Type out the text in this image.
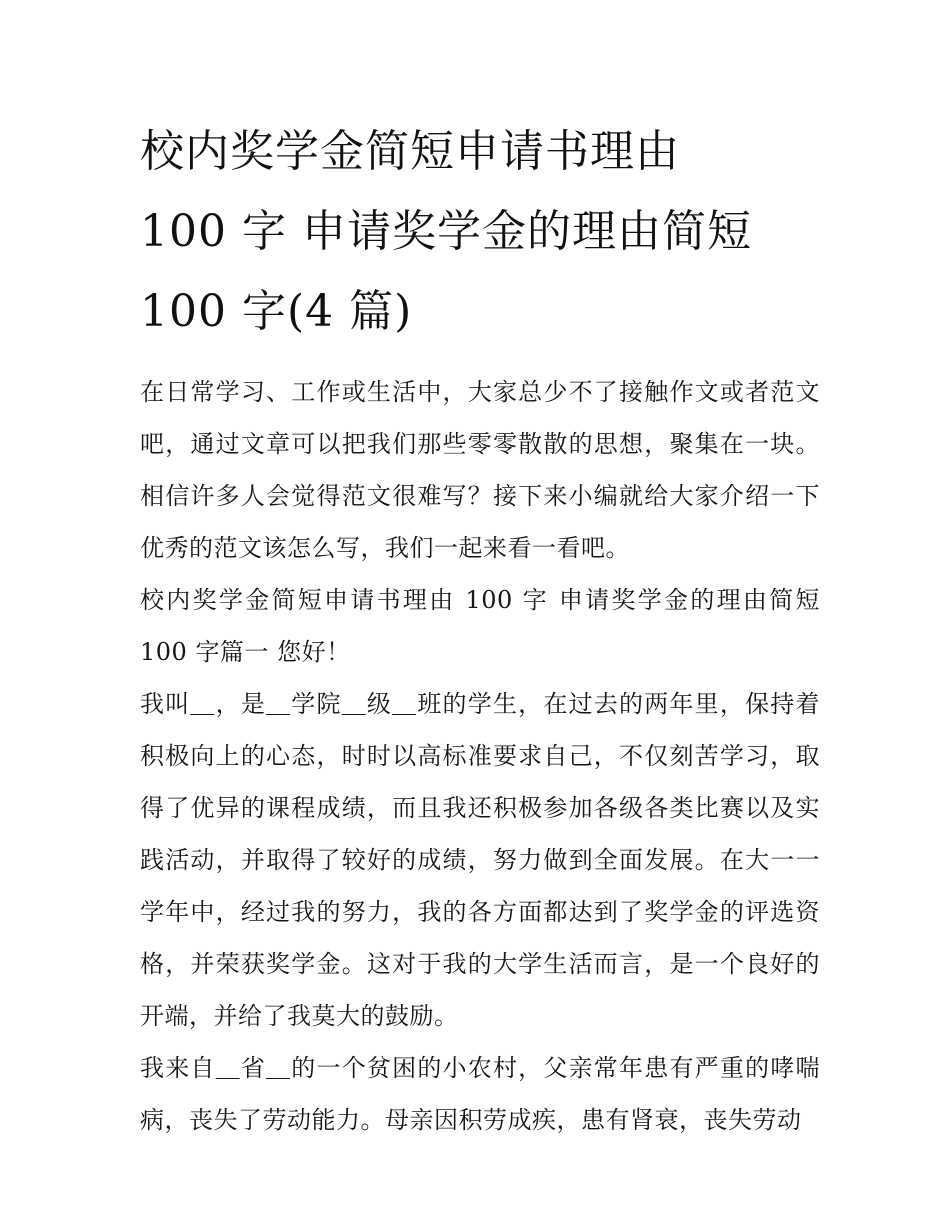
校内奖学金简短申请书理由
100 字 申请奖学金的理由简短
100 字(4 篇)

在日常学习、工作或生活中，大家总少不了接触作文或者范文吧，通过文章可以把我们那些零零散散的思想，聚集在一块。相信许多人会觉得范文很难写？接下来小编就给大家介绍一下优秀的范文该怎么写，我们一起来看一看吧。

校内奖学金简短申请书理由 100 字 申请奖学金的理由简短 100 字篇一 您好！

我叫＿，是＿学院＿级＿班的学生，在过去的两年里，保持着积极向上的心态，时时以高标准要求自己，不仅刻苦学习，取得了优异的课程成绩，而且我还积极参加各级各类比赛以及实践活动，并取得了较好的成绩，努力做到全面发展。在大一一学年中，经过我的努力，我的各方面都达到了奖学金的评选资格，并荣获奖学金。这对于我的大学生活而言，是一个良好的开端，并给了我莫大的鼓励。

我来自＿省＿的一个贫困的小农村，父亲常年患有严重的哮喘病，丧失了劳动能力。母亲因积劳成疾，患有肾衰，丧失劳动
